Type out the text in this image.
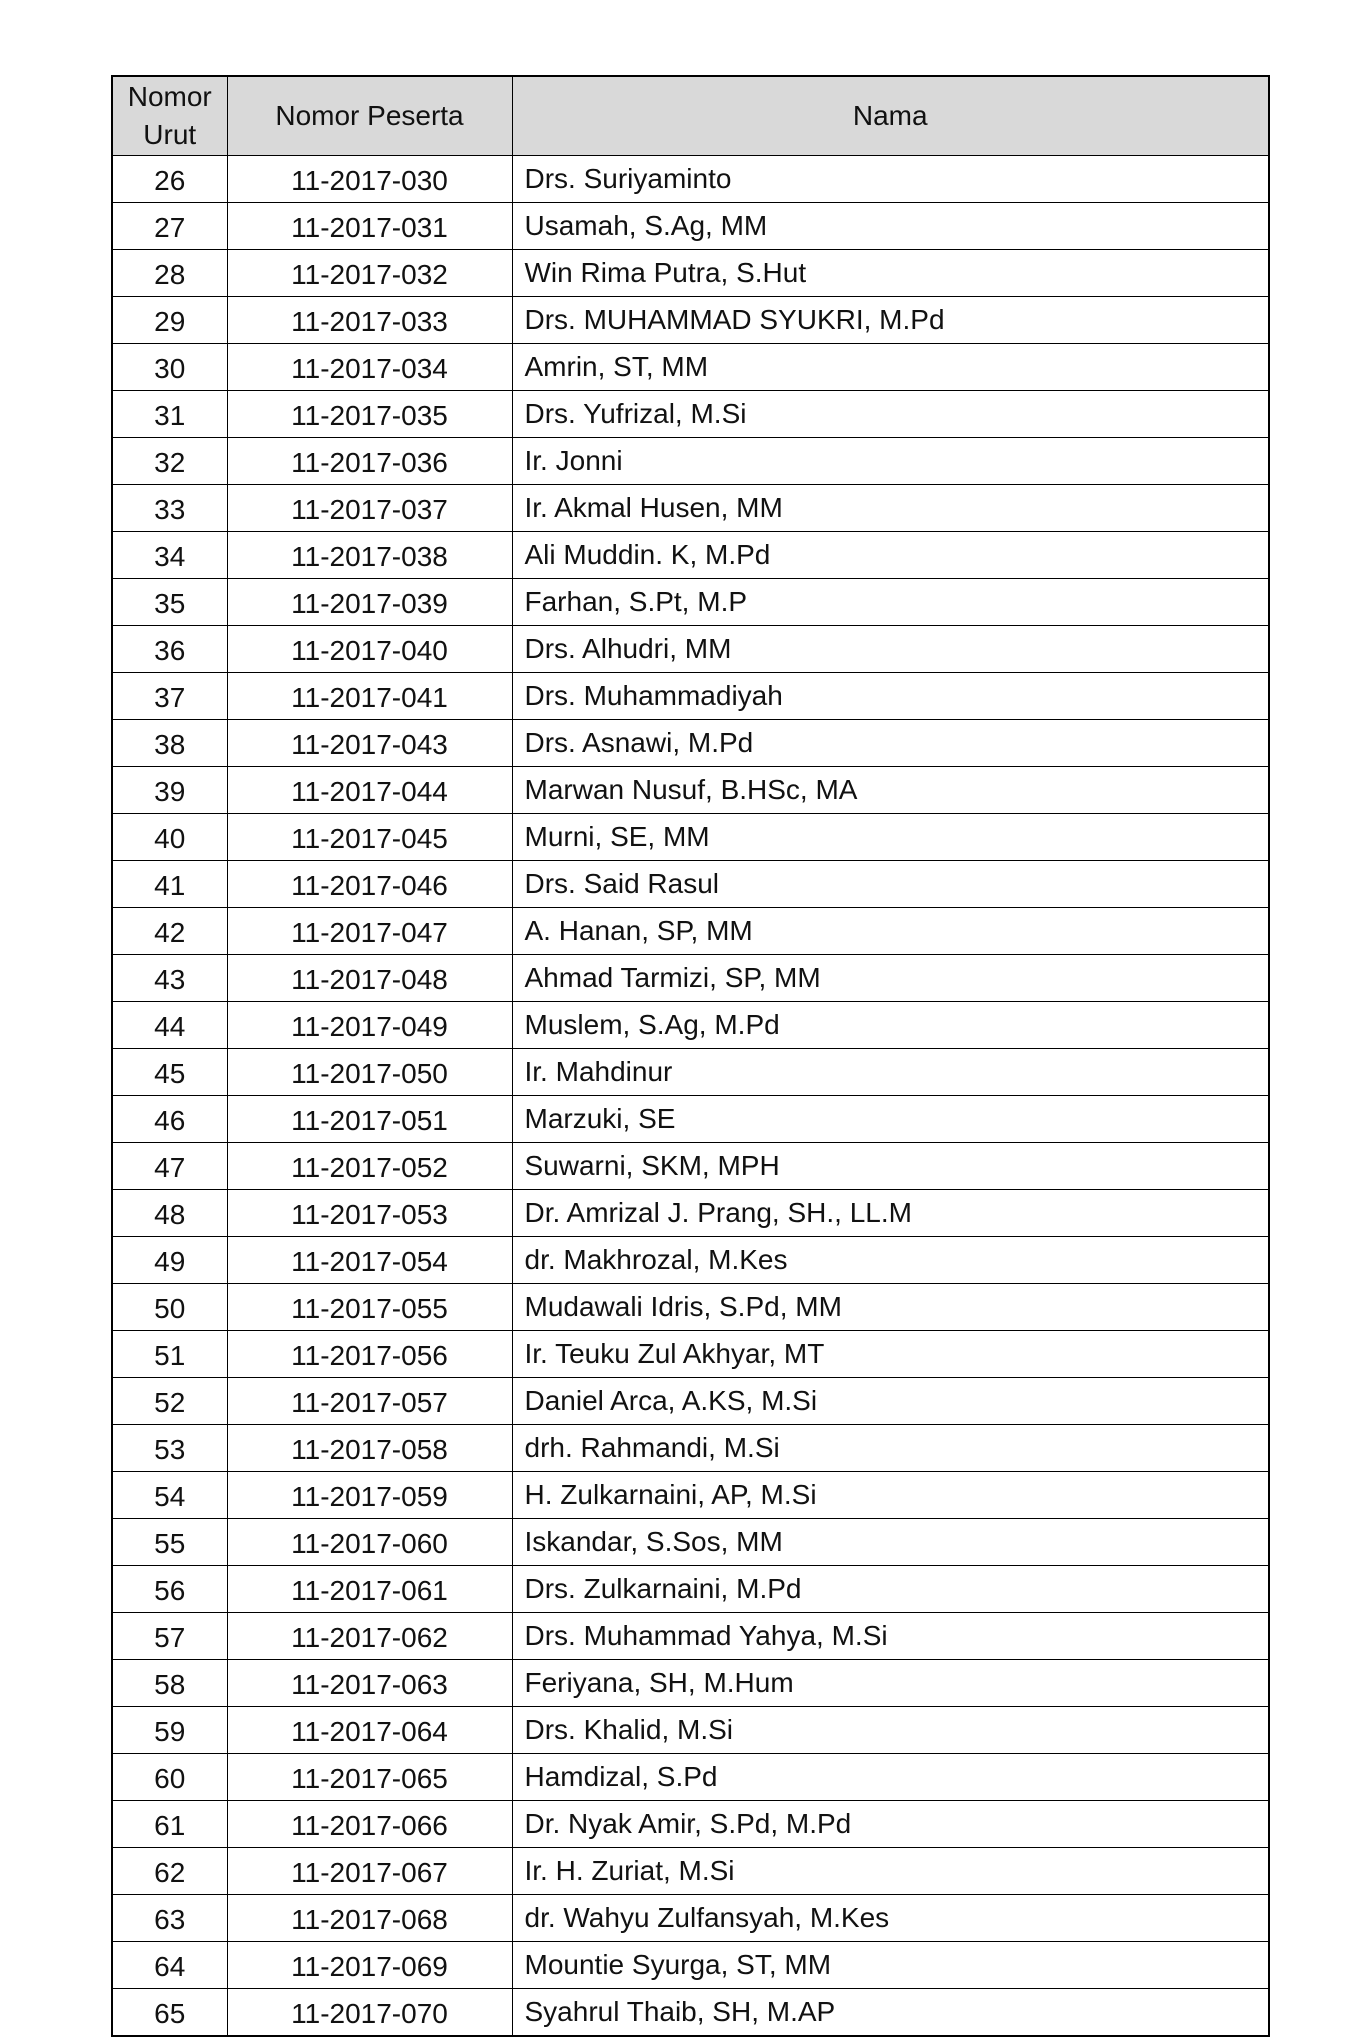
Nomor
Urut	Nomor Peserta	Nama
26	11-2017-030	Drs. Suriyaminto
27	11-2017-031	Usamah, S.Ag, MM
28	11-2017-032	Win Rima Putra, S.Hut
29	11-2017-033	Drs. MUHAMMAD SYUKRI, M.Pd
30	11-2017-034	Amrin, ST, MM
31	11-2017-035	Drs. Yufrizal, M.Si
32	11-2017-036	Ir. Jonni
33	11-2017-037	Ir. Akmal Husen, MM
34	11-2017-038	Ali Muddin. K, M.Pd
35	11-2017-039	Farhan, S.Pt, M.P
36	11-2017-040	Drs. Alhudri, MM
37	11-2017-041	Drs. Muhammadiyah
38	11-2017-043	Drs. Asnawi, M.Pd
39	11-2017-044	Marwan Nusuf, B.HSc, MA
40	11-2017-045	Murni, SE, MM
41	11-2017-046	Drs. Said Rasul
42	11-2017-047	A. Hanan, SP, MM
43	11-2017-048	Ahmad Tarmizi, SP, MM
44	11-2017-049	Muslem, S.Ag, M.Pd
45	11-2017-050	Ir. Mahdinur
46	11-2017-051	Marzuki, SE
47	11-2017-052	Suwarni, SKM, MPH
48	11-2017-053	Dr. Amrizal J. Prang, SH., LL.M
49	11-2017-054	dr. Makhrozal, M.Kes
50	11-2017-055	Mudawali Idris, S.Pd, MM
51	11-2017-056	Ir. Teuku Zul Akhyar, MT
52	11-2017-057	Daniel Arca, A.KS, M.Si
53	11-2017-058	drh. Rahmandi, M.Si
54	11-2017-059	H. Zulkarnaini, AP, M.Si
55	11-2017-060	Iskandar, S.Sos, MM
56	11-2017-061	Drs. Zulkarnaini, M.Pd
57	11-2017-062	Drs. Muhammad Yahya, M.Si
58	11-2017-063	Feriyana, SH, M.Hum
59	11-2017-064	Drs. Khalid, M.Si
60	11-2017-065	Hamdizal, S.Pd
61	11-2017-066	Dr. Nyak Amir, S.Pd, M.Pd
62	11-2017-067	Ir. H. Zuriat, M.Si
63	11-2017-068	dr. Wahyu Zulfansyah, M.Kes
64	11-2017-069	Mountie Syurga, ST, MM
65	11-2017-070	Syahrul Thaib, SH, M.AP
